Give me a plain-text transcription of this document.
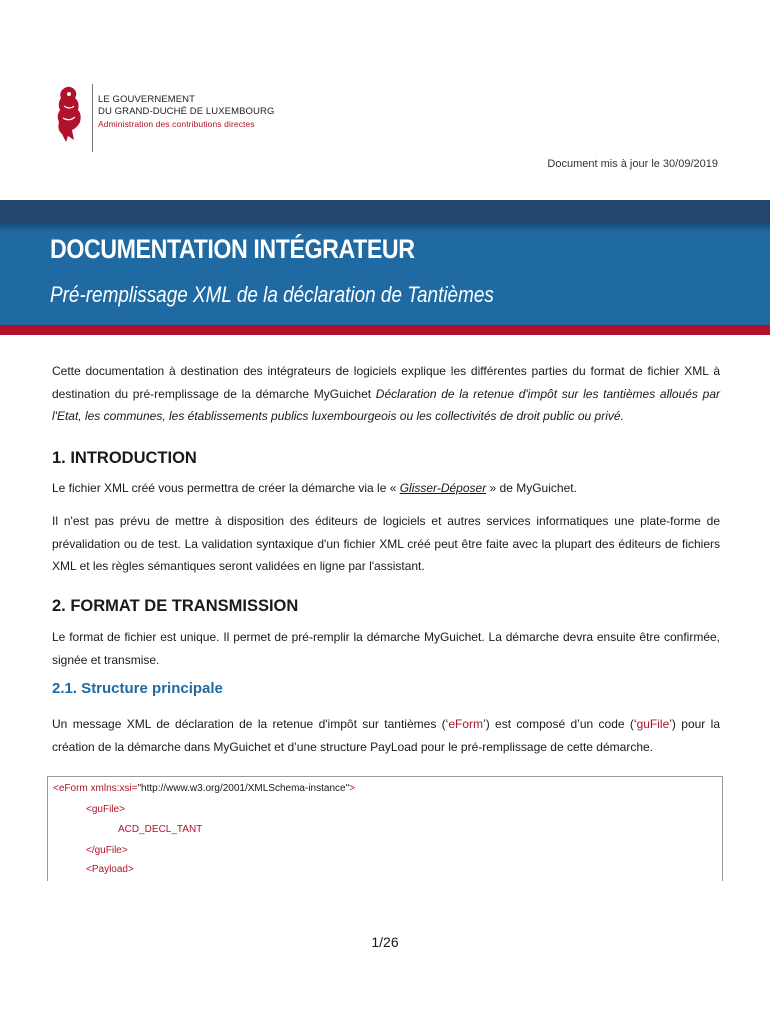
LE GOUVERNEMENT
DU GRAND-DUCHÉ DE LUXEMBOURG
Administration des contributions directes
Document mis à jour le 30/09/2019
DOCUMENTATION INTÉGRATEUR
Pré-remplissage XML de la déclaration de Tantièmes

Cette documentation à destination des intégrateurs de logiciels explique les différentes parties du format de fichier XML à destination du pré-remplissage de la démarche MyGuichet Déclaration de la retenue d'impôt sur les tantièmes alloués par l'Etat, les communes, les établissements publics luxembourgeois ou les collectivités de droit public ou privé.

1. INTRODUCTION

Le fichier XML créé vous permettra de créer la démarche via le « Glisser-Déposer » de MyGuichet.

Il n'est pas prévu de mettre à disposition des éditeurs de logiciels et autres services informatiques une plate-forme de prévalidation ou de test. La validation syntaxique d'un fichier XML créé peut être faite avec la plupart des éditeurs de fichiers XML et les règles sémantiques seront validées en ligne par l'assistant.

2. FORMAT DE TRANSMISSION

Le format de fichier est unique. Il permet de pré-remplir la démarche MyGuichet. La démarche devra ensuite être confirmée, signée et transmise.

2.1. Structure principale

Un message XML de déclaration de la retenue d'impôt sur tantièmes (‘eForm’) est composé d’un code (‘guFile’) pour la création de la démarche dans MyGuichet et d’une structure PayLoad pour le pré-remplissage de cette démarche.

<eForm xmlns:xsi="http://www.w3.org/2001/XMLSchema-instance">
<guFile>
ACD_DECL_TANT
</guFile>
<Payload>
1/26
